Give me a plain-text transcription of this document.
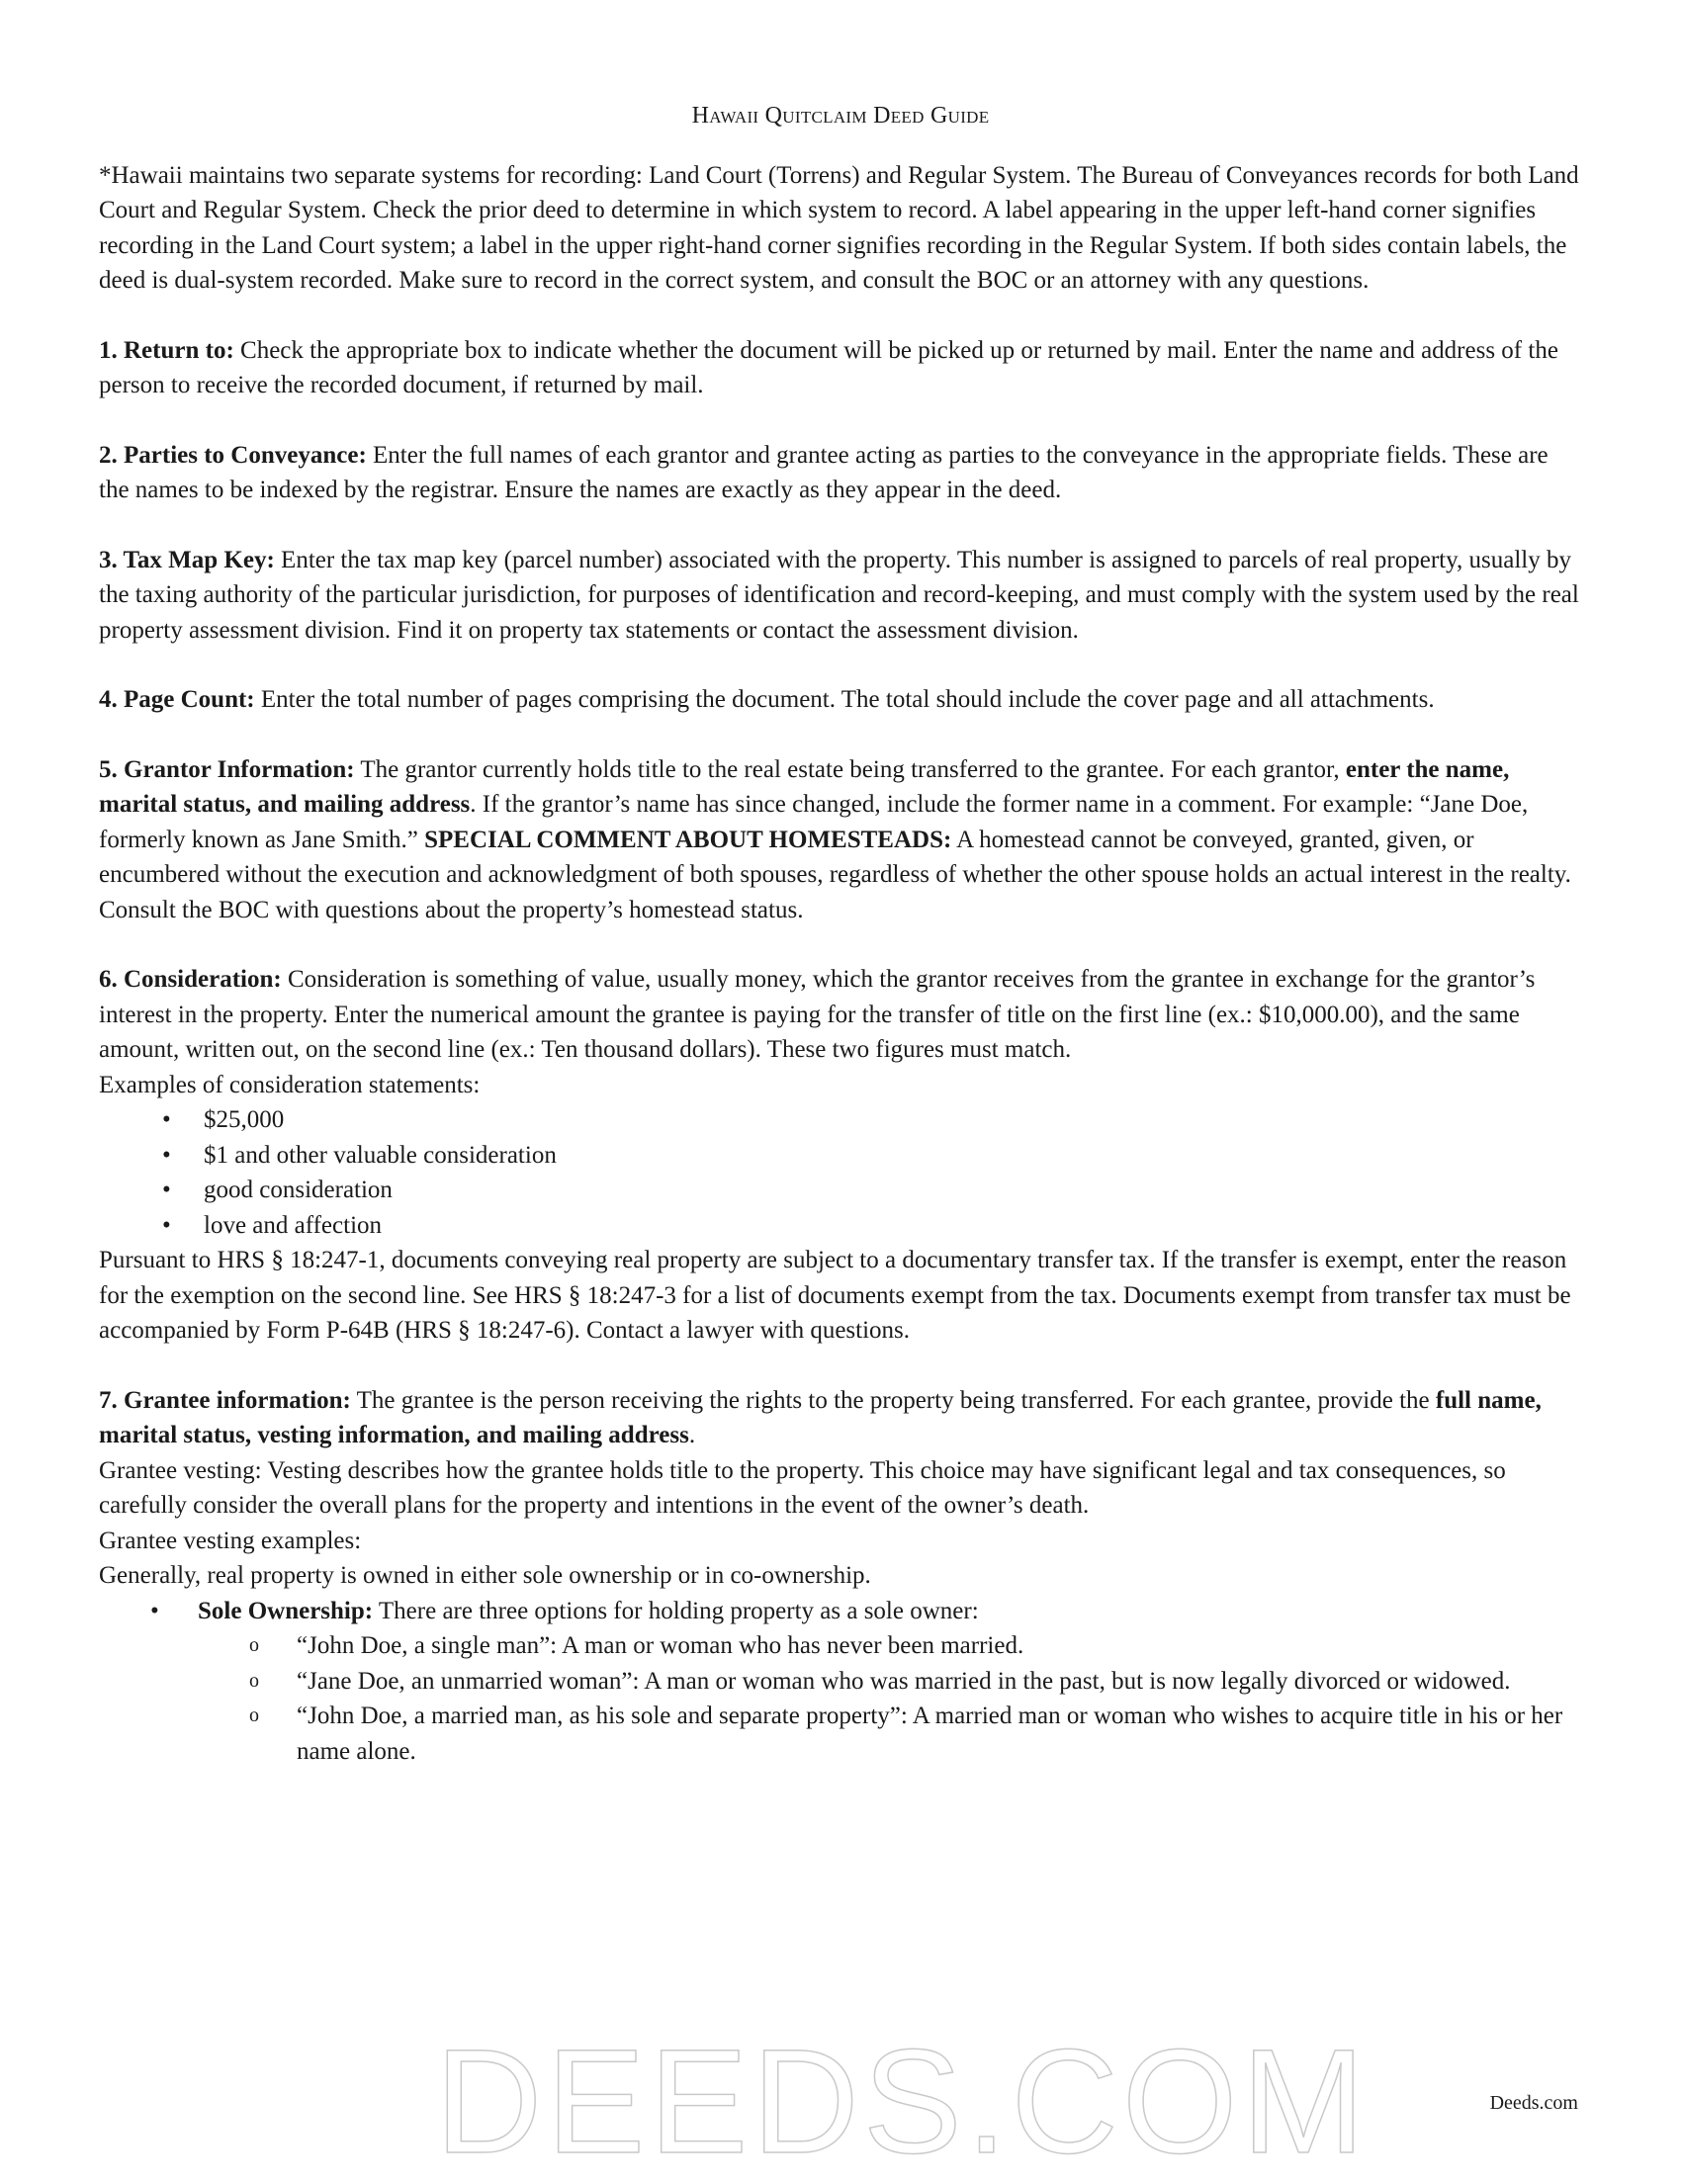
Hawaii Quitclaim Deed Guide

*Hawaii maintains two separate systems for recording: Land Court (Torrens) and Regular System. The Bureau of Conveyances records for both Land Court and Regular System. Check the prior deed to determine in which system to record. A label appearing in the upper left-hand corner signifies recording in the Land Court system; a label in the upper right-hand corner signifies recording in the Regular System. If both sides contain labels, the deed is dual-system recorded. Make sure to record in the correct system, and consult the BOC or an attorney with any questions.

1. Return to: Check the appropriate box to indicate whether the document will be picked up or returned by mail. Enter the name and address of the person to receive the recorded document, if returned by mail.

2. Parties to Conveyance: Enter the full names of each grantor and grantee acting as parties to the conveyance in the appropriate fields. These are the names to be indexed by the registrar. Ensure the names are exactly as they appear in the deed.

3. Tax Map Key: Enter the tax map key (parcel number) associated with the property. This number is assigned to parcels of real property, usually by the taxing authority of the particular jurisdiction, for purposes of identification and record-keeping, and must comply with the system used by the real property assessment division. Find it on property tax statements or contact the assessment division.

4. Page Count: Enter the total number of pages comprising the document. The total should include the cover page and all attachments.

5. Grantor Information: The grantor currently holds title to the real estate being transferred to the grantee. For each grantor, enter the name, marital status, and mailing address. If the grantor’s name has since changed, include the former name in a comment. For example: “Jane Doe, formerly known as Jane Smith.” SPECIAL COMMENT ABOUT HOMESTEADS: A homestead cannot be conveyed, granted, given, or encumbered without the execution and acknowledgment of both spouses, regardless of whether the other spouse holds an actual interest in the realty. Consult the BOC with questions about the property’s homestead status.

6. Consideration: Consideration is something of value, usually money, which the grantor receives from the grantee in exchange for the grantor’s interest in the property. Enter the numerical amount the grantee is paying for the transfer of title on the first line (ex.: $10,000.00), and the same amount, written out, on the second line (ex.: Ten thousand dollars). These two figures must match.

Examples of consideration statements:

• $25,000
• $1 and other valuable consideration
• good consideration
• love and affection

Pursuant to HRS § 18:247-1, documents conveying real property are subject to a documentary transfer tax. If the transfer is exempt, enter the reason for the exemption on the second line. See HRS § 18:247-3 for a list of documents exempt from the tax. Documents exempt from transfer tax must be accompanied by Form P-64B (HRS § 18:247-6). Contact a lawyer with questions.

7. Grantee information: The grantee is the person receiving the rights to the property being transferred. For each grantee, provide the full name, marital status, vesting information, and mailing address.

Grantee vesting: Vesting describes how the grantee holds title to the property. This choice may have significant legal and tax consequences, so carefully consider the overall plans for the property and intentions in the event of the owner’s death.

Grantee vesting examples:

Generally, real property is owned in either sole ownership or in co-ownership.

• Sole Ownership: There are three options for holding property as a sole owner:
o “John Doe, a single man”: A man or woman who has never been married.
o “Jane Doe, an unmarried woman”: A man or woman who was married in the past, but is now legally divorced or widowed.
o “John Doe, a married man, as his sole and separate property”: A married man or woman who wishes to acquire title in his or her name alone.
DEEDS.COM	Deeds.com
